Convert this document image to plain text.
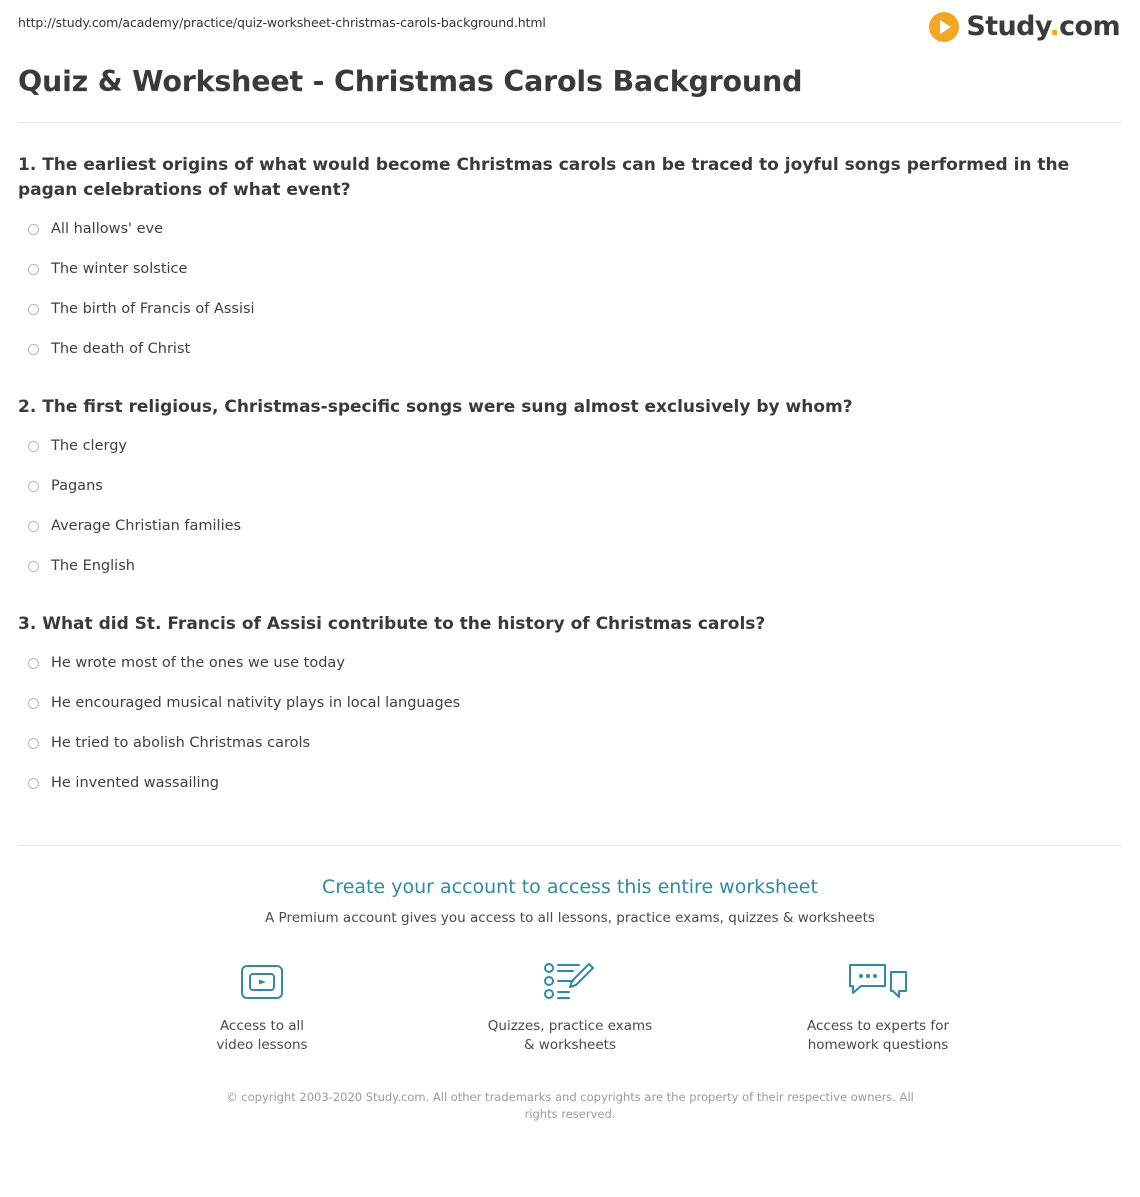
http://study.com/academy/practice/quiz-worksheet-christmas-carols-background.html	Study.com
Quiz & Worksheet - Christmas Carols Background

1. The earliest origins of what would become Christmas carols can be traced to joyful songs performed in the pagan celebrations of what event?

All hallows' eve
The winter solstice
The birth of Francis of Assisi
The death of Christ

2. The first religious, Christmas-specific songs were sung almost exclusively by whom?

The clergy
Pagans
Average Christian families
The English

3. What did St. Francis of Assisi contribute to the history of Christmas carols?

He wrote most of the ones we use today
He encouraged musical nativity plays in local languages
He tried to abolish Christmas carols
He invented wassailing
Create your account to access this entire worksheet

A Premium account gives you access to all lessons, practice exams, quizzes & worksheets

Access to all
video lessons
Quizzes, practice exams
& worksheets
Access to experts for
homework questions
© copyright 2003-2020 Study.com. All other trademarks and copyrights are the property of their respective owners. All rights reserved.
